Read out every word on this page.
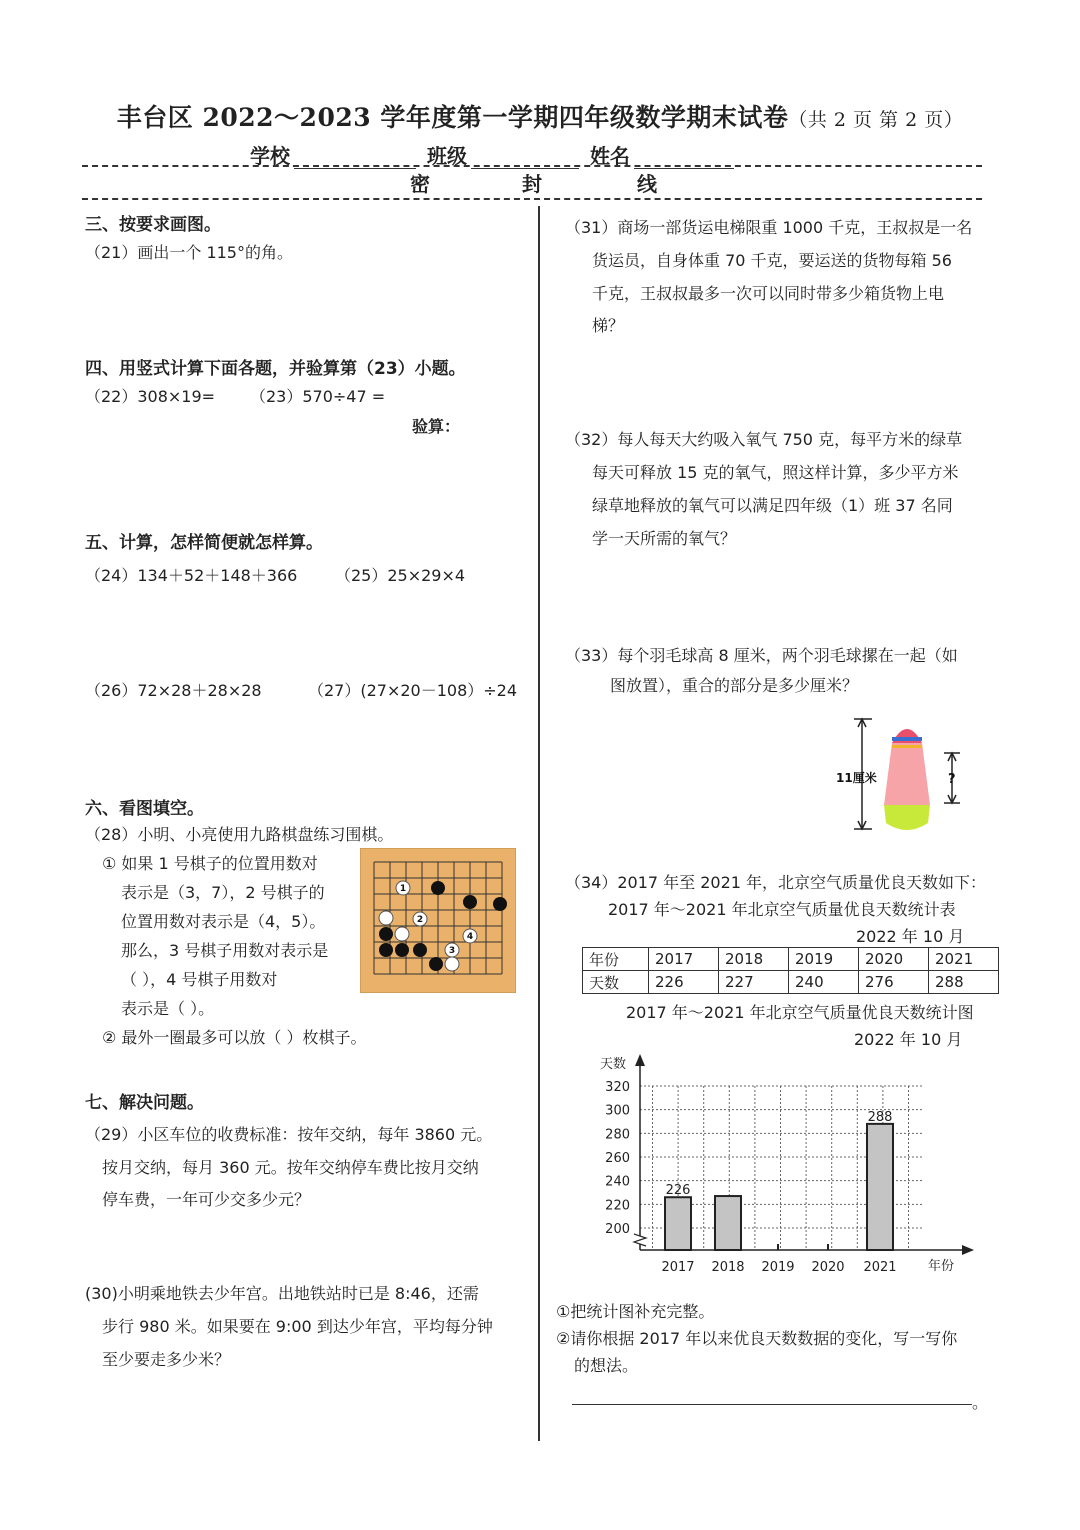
丰台区 2022～2023 学年度第一学期四年级数学期末试卷（共 2 页 第 2 页）
学校	班级	姓名
密	封	线
三、按要求画图。
（21）画出一个 115°的角。
四、用竖式计算下面各题，并验算第（23）小题。
（22）308×19= （23）570÷47 =
验算：
五、计算，怎样简便就怎样算。
（24）134＋52＋148＋366 （25）25×29×4
（26）72×28＋28×28	（27）(27×20－108）÷24
六、看图填空。
（28）小明、小亮使用九路棋盘练习围棋。
① 如果 1 号棋子的位置用数对
表示是（3，7），2 号棋子的
位置用数对表示是（4，5）。
那么，3 号棋子用数对表示是
（ ），4 号棋子用数对
表示是（ ）。
② 最外一圈最多可以放（ ）枚棋子。
1
2
3
4
七、解决问题。
（29）小区车位的收费标准：按年交纳，每年 3860 元。
按月交纳，每月 360 元。按年交纳停车费比按月交纳
停车费，一年可少交多少元？
(30)小明乘地铁去少年宫。出地铁站时已是 8:46，还需
步行 980 米。如果要在 9:00 到达少年宫，平均每分钟
至少要走多少米？
（31）商场一部货运电梯限重 1000 千克，王叔叔是一名
货运员，自身体重 70 千克，要运送的货物每箱 56
千克，王叔叔最多一次可以同时带多少箱货物上电
梯？
（32）每人每天大约吸入氧气 750 克，每平方米的绿草
每天可释放 15 克的氧气，照这样计算，多少平方米
绿草地释放的氧气可以满足四年级（1）班 37 名同
学一天所需的氧气？
（33）每个羽毛球高 8 厘米，两个羽毛球摞在一起（如
图放置），重合的部分是多少厘米？
11厘米	?
（34）2017 年至 2021 年，北京空气质量优良天数如下：
2017 年～2021 年北京空气质量优良天数统计表
2022 年 10 月
年份	2017	2018	2019	2020	2021
天数	226	227	240	276	288
2017 年～2021 年北京空气质量优良天数统计图
2022 年 10 月
200
220
240
260
280
300
320
2017
226
2018 2019 2020 2021
288
天数
年份
①把统计图补充完整。
②请你根据 2017 年以来优良天数数据的变化，写一写你
的想法。
。
